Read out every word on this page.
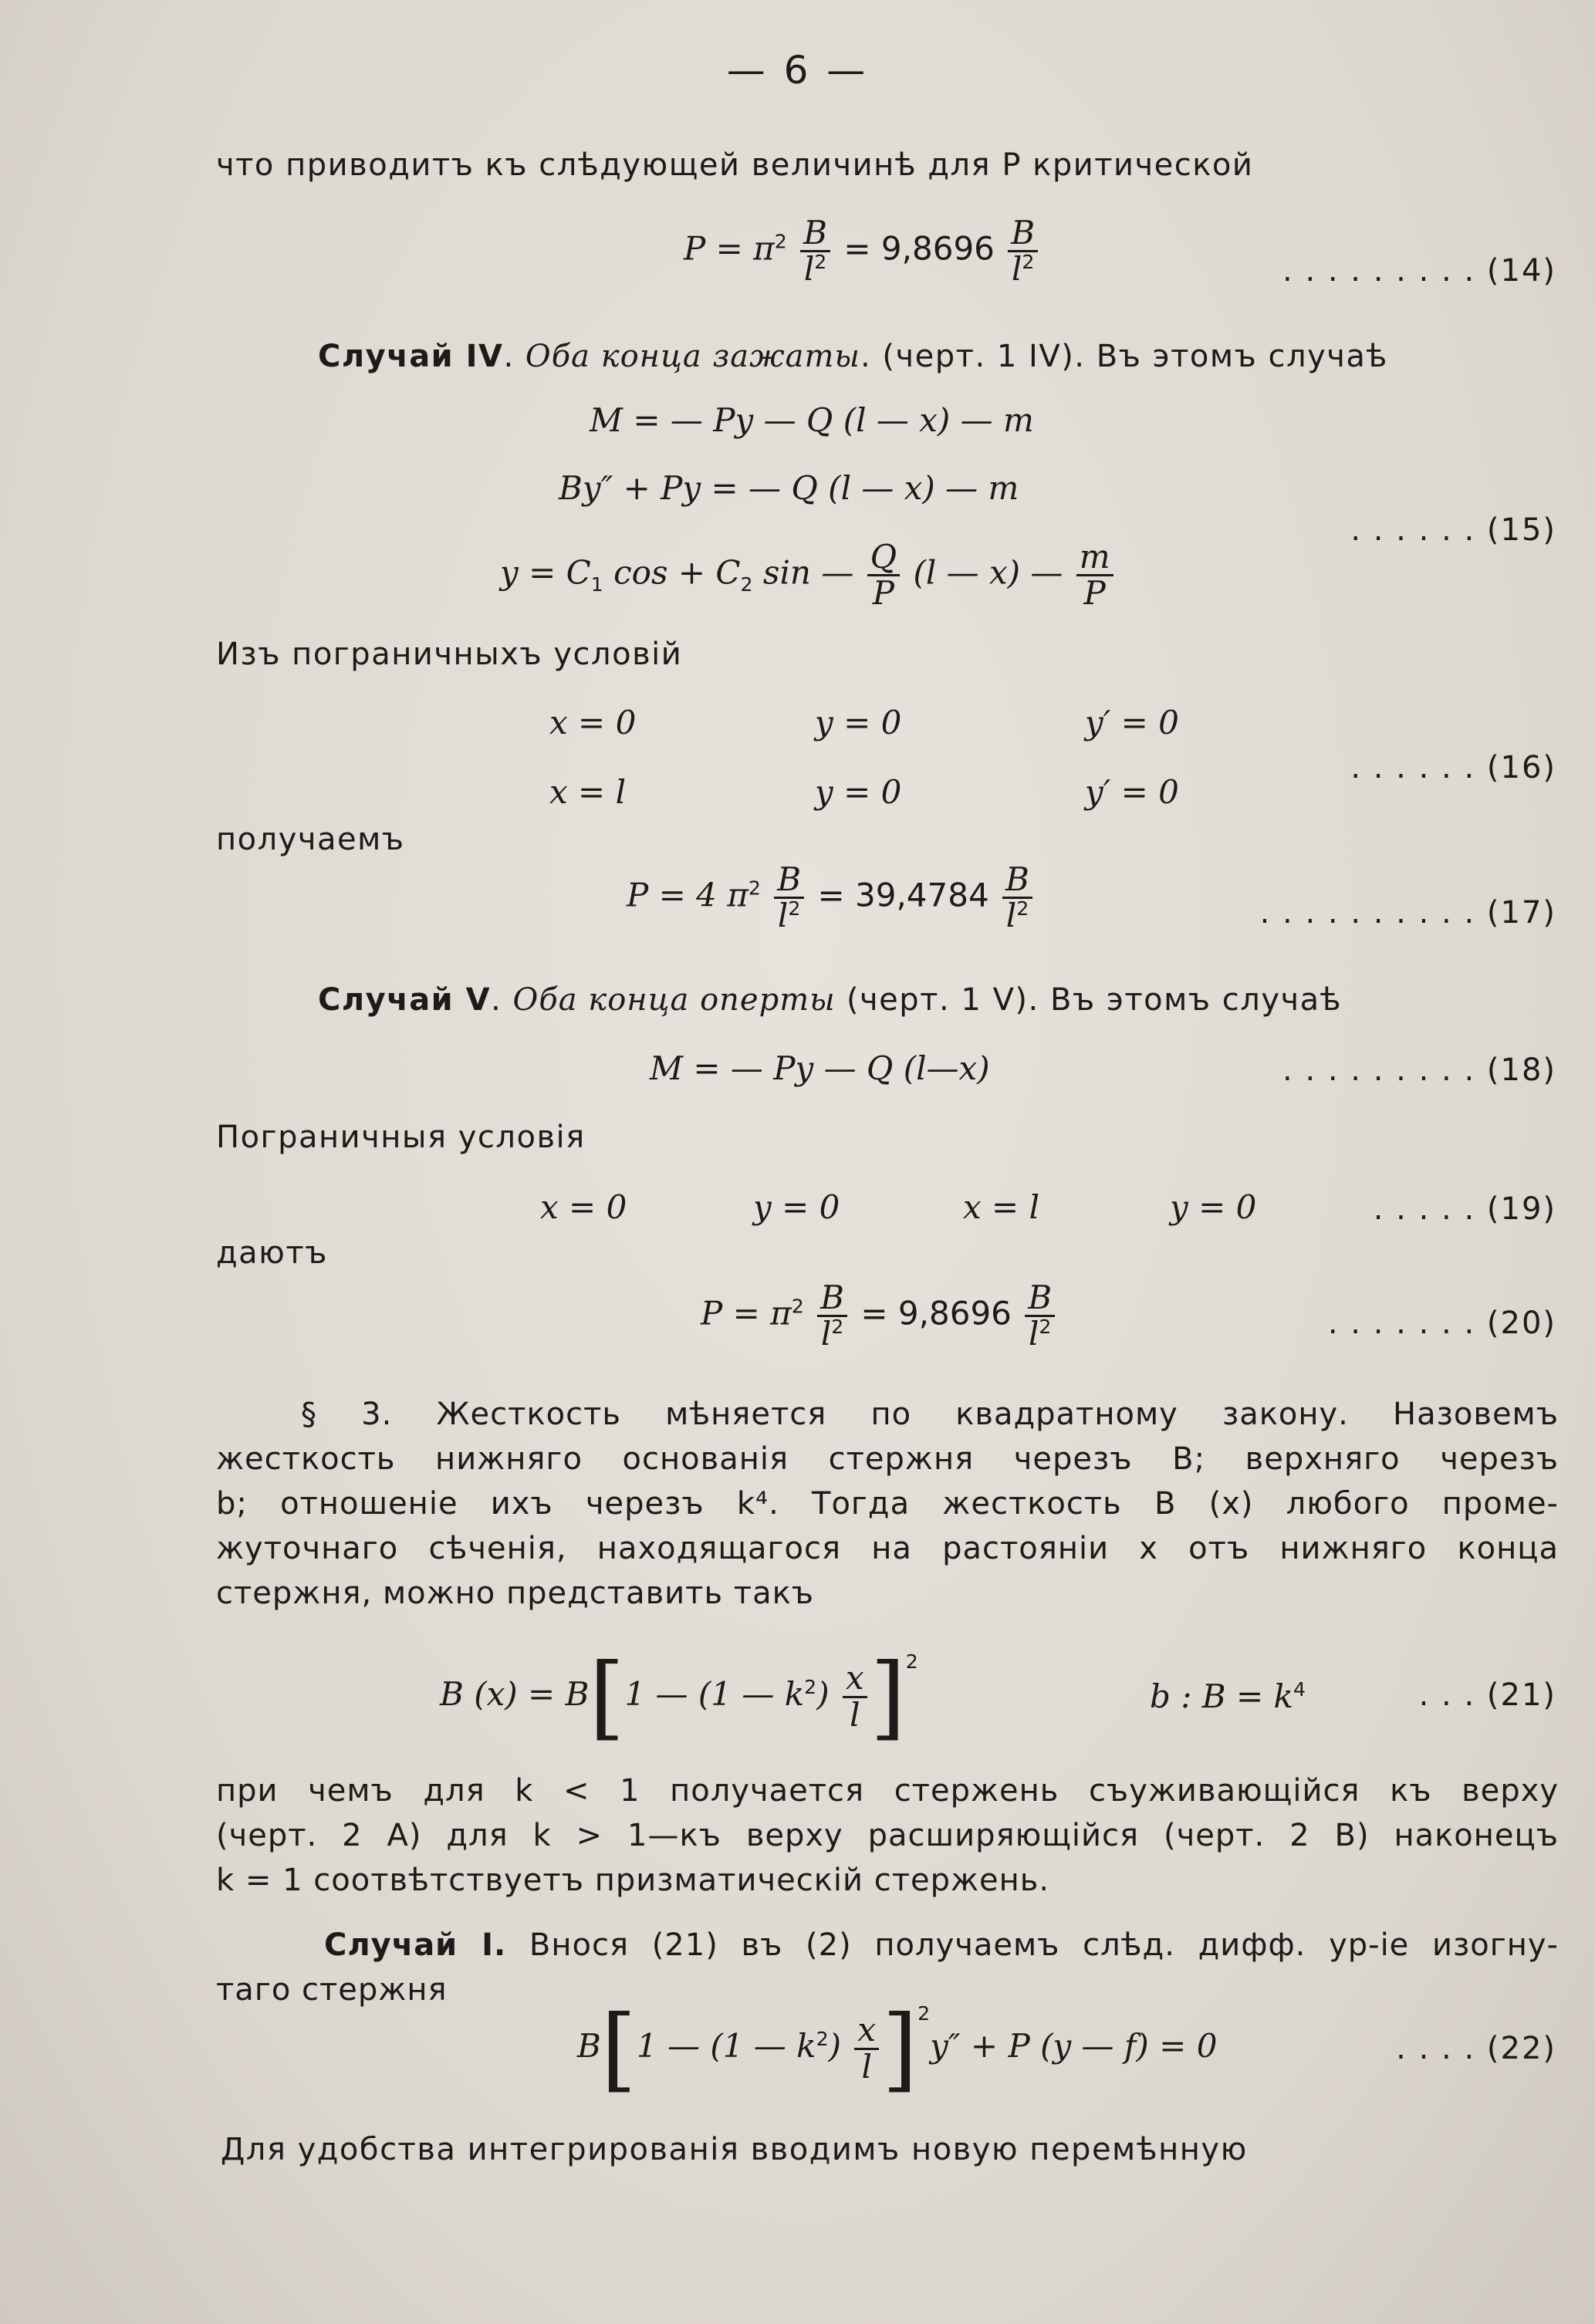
— 6 —
что приводитъ къ слѣдующей величинѣ для P критической
$P = \pi^2 \frac{B}{l^2} = 9,8696 \frac{B}{l^2}$	. . . . . . . . . (14)
Случай IV. Оба конца зажаты. (черт. 1 IV). Въ этомъ случаѣ
M = — Py — Q (l — x) — m
By″ + Py = — Q (l — x) — m
$y = C_1$ $\cos + C_2$ sin — $\frac{Q}{P} (l$ — x) — $\frac{m}{P}$
. . . . . . (15)
Изъ пограничныхъ условій
x = 0	y = 0	y′ = 0
x = l	y = 0	y′ = 0
. . . . . . (16)
получаемъ
P = 4 $\pi^2 \frac{B}{l^2} = 39,4784 \frac{B}{l^2}$	. . . . . . . . . . (17)
Случай V. Оба конца оперты (черт. 1 V). Въ этомъ случаѣ
M = — Py — Q (l—x)	. . . . . . . . . (18)
Пограничныя условія
x = 0	y = 0	x = l	y = 0	. . . . . (19)
даютъ
$P = \pi^2 \frac{B}{l^2} = 9,8696 \frac{B}{l^2}$	. . . . . . . (20)

§ 3. Жесткость мѣняется по квадратному закону. Назовемъ

жесткость нижняго основанія стержня черезъ B; верхняго черезъ

b; отношеніе ихъ черезъ k⁴. Тогда жесткость B (x) любого проме-

жуточнаго сѣченія, находящагося на растояніи x отъ нижняго конца

стержня, можно представить такъ

B (x) = B[1 — (1 — $k^2) \frac{x}{l} ]^2$
b : $B = k^4$	. . . (21)

при чемъ для k < 1 получается стержень съуживающійся къ верху

(черт. 2 А) для k > 1—къ верху расширяющійся (черт. 2 B) наконецъ

k = 1 соотвѣтствуетъ призматическій стержень.

Случай I. Внося (21) въ (2) получаемъ слѣд. дифф. ур-іе изогну-

таго стержня

B[1 — (1 — $k^2) \frac{x}{l} ]^2y'' + P$ (y — f) = 0	. . . . (22)
Для удобства интегрированія вводимъ новую перемѣнную
